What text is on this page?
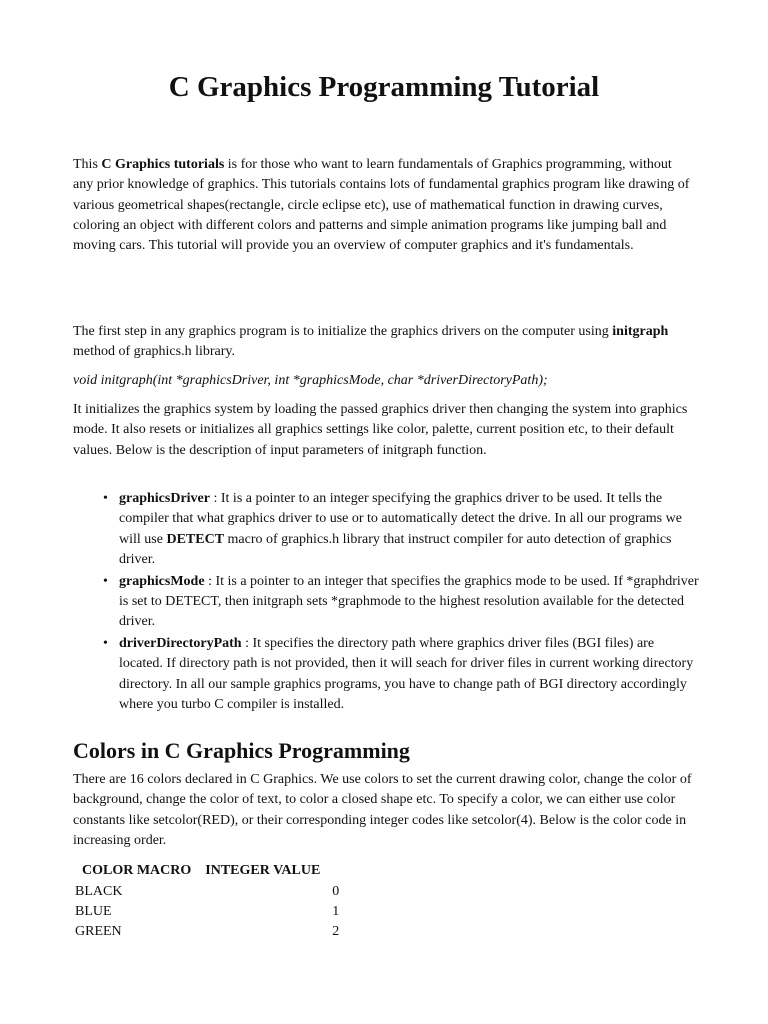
C Graphics Programming Tutorial

This C Graphics tutorials is for those who want to learn fundamentals of Graphics programming, without any prior knowledge of graphics. This tutorials contains lots of fundamental graphics program like drawing of various geometrical shapes(rectangle, circle eclipse etc), use of mathematical function in drawing curves, coloring an object with different colors and patterns and simple animation programs like jumping ball and moving cars. This tutorial will provide you an overview of computer graphics and it's fundamentals.

The first step in any graphics program is to initialize the graphics drivers on the computer using initgraph method of graphics.h library.

void initgraph(int *graphicsDriver, int *graphicsMode, char *driverDirectoryPath);

It initializes the graphics system by loading the passed graphics driver then changing the system into graphics mode. It also resets or initializes all graphics settings like color, palette, current position etc, to their default values. Below is the description of input parameters of initgraph function.

• graphicsDriver : It is a pointer to an integer specifying the graphics driver to be used. It tells the compiler that what graphics driver to use or to automatically detect the drive. In all our programs we will use DETECT macro of graphics.h library that instruct compiler for auto detection of graphics driver.
• graphicsMode : It is a pointer to an integer that specifies the graphics mode to be used. If *graphdriver is set to DETECT, then initgraph sets *graphmode to the highest resolution available for the detected driver.
• driverDirectoryPath : It specifies the directory path where graphics driver files (BGI files) are located. If directory path is not provided, then it will seach for driver files in current working directory directory. In all our sample graphics programs, you have to change path of BGI directory accordingly where you turbo C compiler is installed.
Colors in C Graphics Programming

There are 16 colors declared in C Graphics. We use colors to set the current drawing color, change the color of background, change the color of text, to color a closed shape etc. To specify a color, we can either use color constants like setcolor(RED), or their corresponding integer codes like setcolor(4). Below is the color code in increasing order.

COLOR MACRO	INTEGER VALUE
BLACK	0
BLUE	1
GREEN	2
